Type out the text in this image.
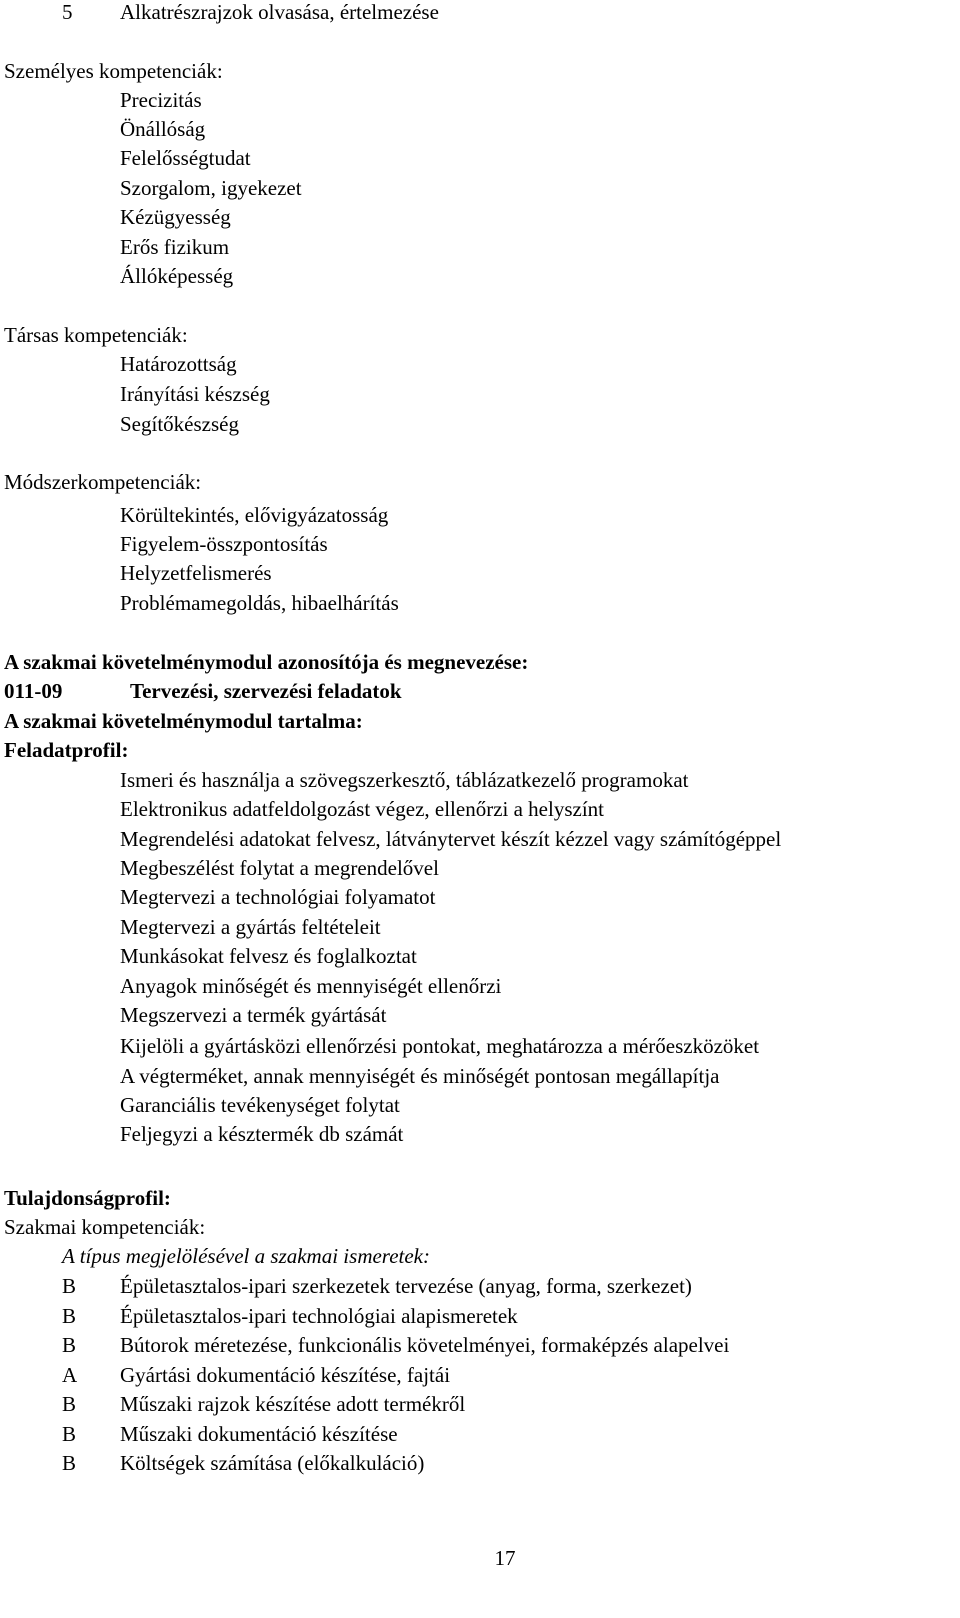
5 Alkatrészrajzok olvasása, értelmezése
Személyes kompetenciák:
Precizitás
Önállóság
Felelősségtudat
Szorgalom, igyekezet
Kézügyesség
Erős fizikum
Állóképesség
Társas kompetenciák:
Határozottság
Irányítási készség
Segítőkészség
Módszerkompetenciák:
Körültekintés, elővigyázatosság
Figyelem-összpontosítás
Helyzetfelismerés
Problémamegoldás, hibaelhárítás
A szakmai követelménymodul azonosítója és megnevezése:
011-09	Tervezési, szervezési feladatok
A szakmai követelménymodul tartalma:
Feladatprofil:
Ismeri és használja a szövegszerkesztő, táblázatkezelő programokat
Elektronikus adatfeldolgozást végez, ellenőrzi a helyszínt
Megrendelési adatokat felvesz, látványtervet készít kézzel vagy számítógéppel
Megbeszélést folytat a megrendelővel
Megtervezi a technológiai folyamatot
Megtervezi a gyártás feltételeit
Munkásokat felvesz és foglalkoztat
Anyagok minőségét és mennyiségét ellenőrzi
Megszervezi a termék gyártását
Kijelöli a gyártásközi ellenőrzési pontokat, meghatározza a mérőeszközöket
A végterméket, annak mennyiségét és minőségét pontosan megállapítja
Garanciális tevékenységet folytat
Feljegyzi a késztermék db számát
Tulajdonságprofil:
Szakmai kompetenciák:
A típus megjelölésével a szakmai ismeretek:
B Épületasztalos-ipari szerkezetek tervezése (anyag, forma, szerkezet)
B Épületasztalos-ipari technológiai alapismeretek
B Bútorok méretezése, funkcionális követelményei, formaképzés alapelvei
A Gyártási dokumentáció készítése, fajtái
B Műszaki rajzok készítése adott termékről
B Műszaki dokumentáció készítése
B Költségek számítása (előkalkuláció)
17
